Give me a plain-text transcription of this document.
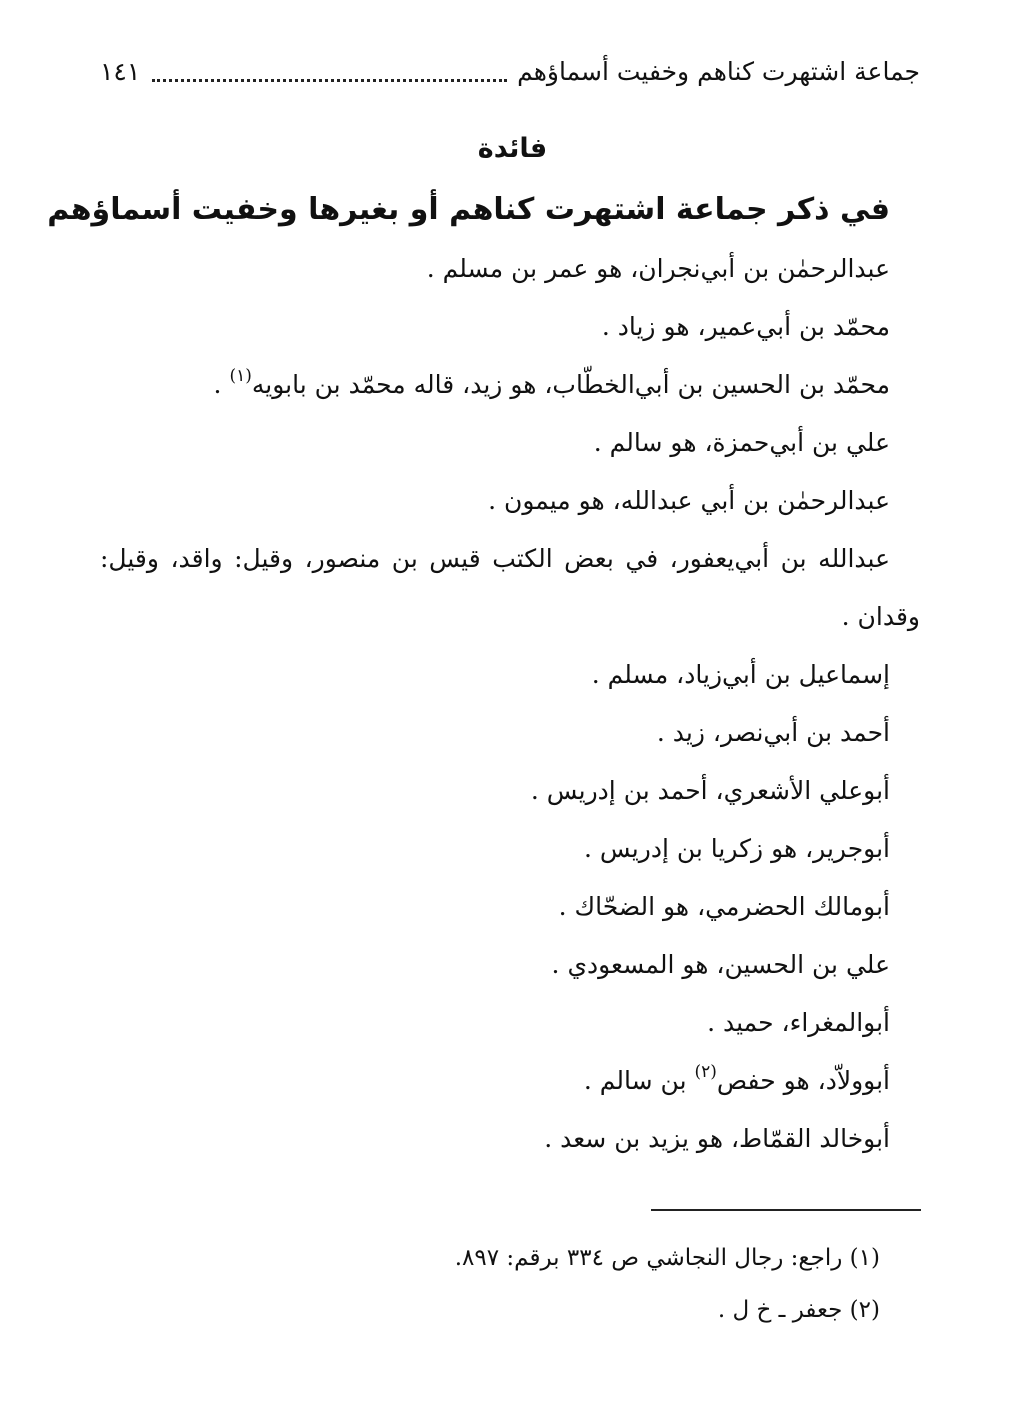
جماعة اشتهرت كناهم وخفيت أسماؤهم
١٤١
فائدة
في ذكر جماعة اشتهرت كناهم أو بغيرها وخفيت أسماؤهم
عبدالرحمٰن بن أبي‌نجران، هو عمر بن مسلم .
محمّد بن أبي‌عمير، هو زياد .
محمّد بن الحسين بن أبي‌الخطّاب، هو زيد، قاله محمّد بن بابويه$^{(١)}$ .
علي بن أبي‌حمزة، هو سالم .
عبدالرحمٰن بن أبي عبدالله، هو ميمون .
عبدالله بن أبي‌يعفور، في بعض الكتب قيس بن منصور، وقيل: واقد، وقيل:
وقدان .
إسماعيل بن أبي‌زياد، مسلم .
أحمد بن أبي‌نصر، زيد .
أبوعلي الأشعري، أحمد بن إدريس .
أبوجرير، هو زكريا بن إدريس .
أبومالك الحضرمي، هو الضحّاك .
علي بن الحسين، هو المسعودي .
أبوالمغراء، حميد .
أبوولاّد، هو حفص$^{(٢)}$ بن سالم .
أبوخالد القمّاط، هو يزيد بن سعد .
(١) راجع: رجال النجاشي ص ٣٣٤ برقم: ٨٩٧.
(٢) جعفر ـ خ ل .
